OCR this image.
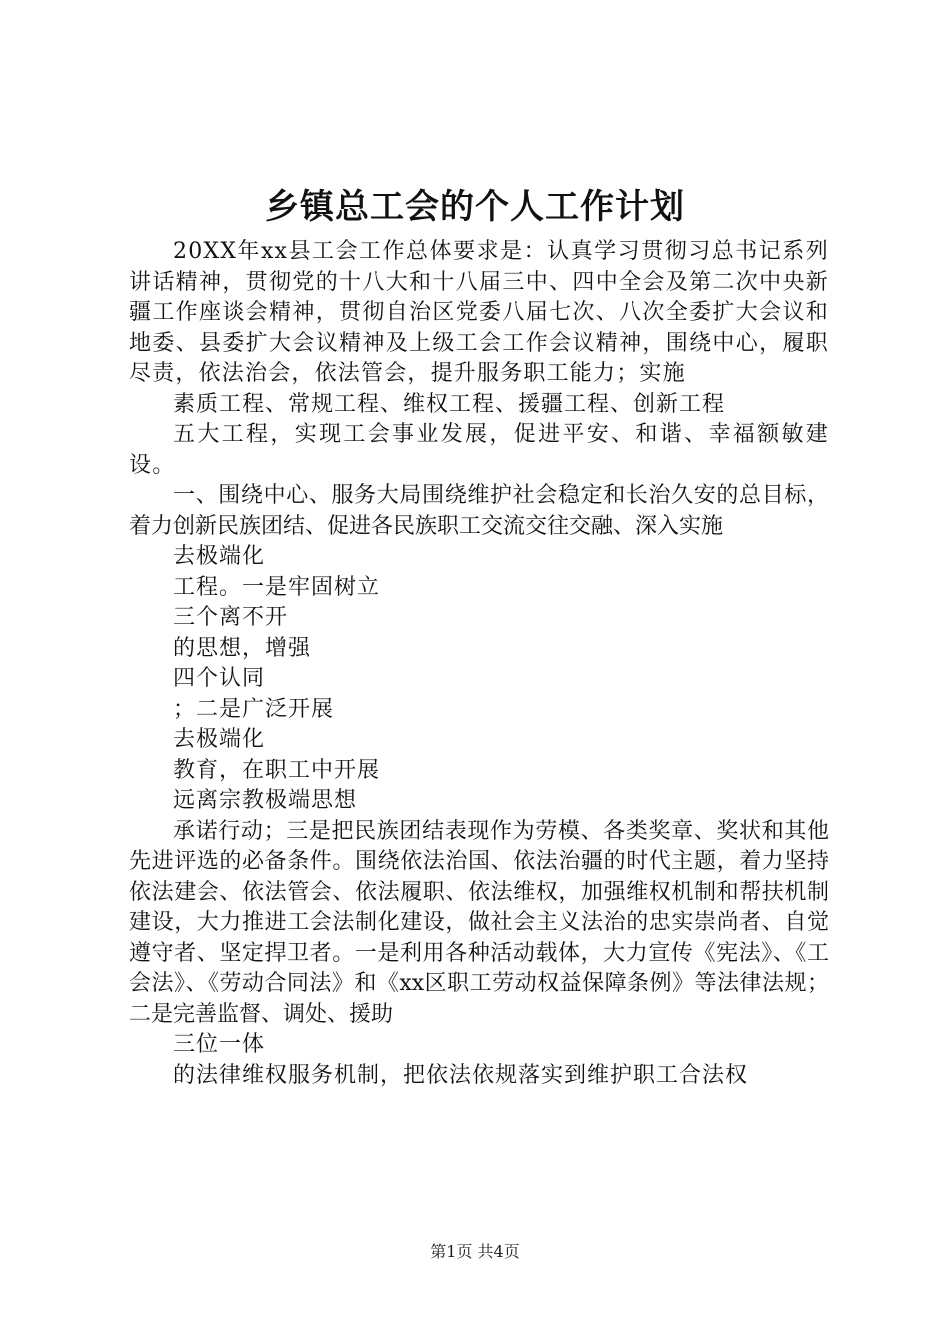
乡镇总工会的个人工作计划

20XX年xx县工会工作总体要求是：认真学习贯彻习总书记系列讲话精神，贯彻党的十八大和十八届三中、四中全会及第二次中央新疆工作座谈会精神，贯彻自治区党委八届七次、八次全委扩大会议和地委、县委扩大会议精神及上级工会工作会议精神，围绕中心，履职尽责，依法治会，依法管会，提升服务职工能力；实施

素质工程、常规工程、维权工程、援疆工程、创新工程

五大工程，实现工会事业发展，促进平安、和谐、幸福额敏建设。

一、围绕中心、服务大局围绕维护社会稳定和长治久安的总目标，着力创新民族团结、促进各民族职工交流交往交融、深入实施

去极端化

工程。一是牢固树立

三个离不开

的思想，增强

四个认同

；二是广泛开展

去极端化

教育，在职工中开展

远离宗教极端思想

承诺行动；三是把民族团结表现作为劳模、各类奖章、奖状和其他先进评选的必备条件。围绕依法治国、依法治疆的时代主题，着力坚持依法建会、依法管会、依法履职、依法维权，加强维权机制和帮扶机制建设，大力推进工会法制化建设，做社会主义法治的忠实崇尚者、自觉遵守者、坚定捍卫者。一是利用各种活动载体，大力宣传《宪法》、《工会法》、《劳动合同法》和《xx区职工劳动权益保障条例》等法律法规；二是完善监督、调处、援助

三位一体

的法律维权服务机制，把依法依规落实到维护职工合法权

第1页 共4页
